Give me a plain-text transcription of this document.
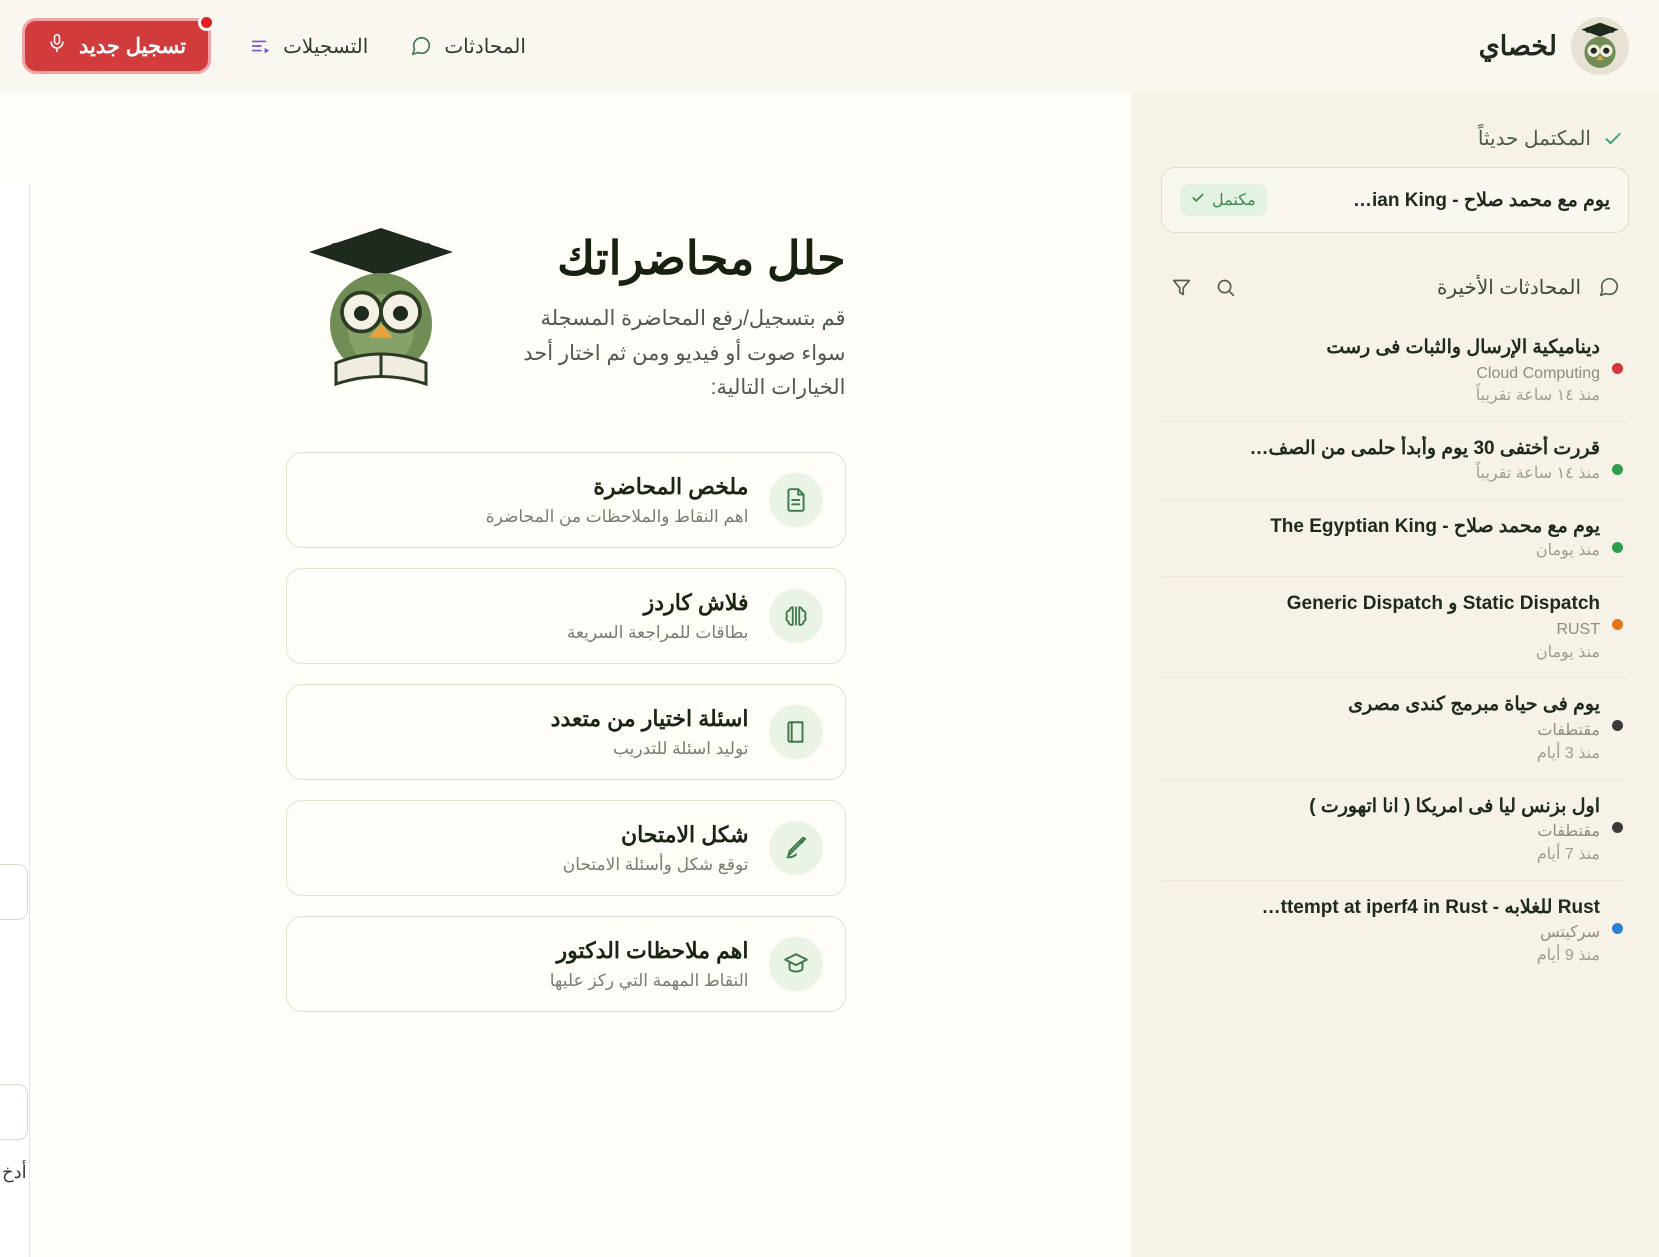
لخصاي
المحادثات
التسجيلات
تسجيل جديد
المكتمل حديثاً
يوم مع محمد صلاح - ian King…
مكتمل
المحادثات الأخيرة
ديناميكية الإرسال والثبات فى رست
Cloud Computing
منذ ١٤ ساعة تقريباً
قررت أختفى 30 يوم وأبدأ حلمى من الصف…
منذ ١٤ ساعة تقريباً
يوم مع محمد صلاح - The Egyptian King
منذ يومان
Static Dispatch و Generic Dispatch
RUST
منذ يومان
يوم فى حياة مبرمج كندى مصرى
مقتطفات
منذ 3 أيام
اول بزنس ليا فى امريكا ( انا اتهورت )
مقتطفات
منذ 7 أيام
Rust للغلابه - ttempt at iperf4 in Rust…
سركيتس
منذ 9 أيام
حلل محاضراتك
قم بتسجيل/رفع المحاضرة المسجلة سواء صوت أو فيديو ومن ثم اختار أحد الخيارات التالية:
ملخص المحاضرة
اهم النقاط والملاحظات من المحاضرة
فلاش كاردز
بطاقات للمراجعة السريعة
اسئلة اختيار من متعدد
توليد اسئلة للتدريب
شكل الامتحان
توقع شكل وأسئلة الامتحان
اهم ملاحظات الدكتور
النقاط المهمة التي ركز عليها
أدخ
